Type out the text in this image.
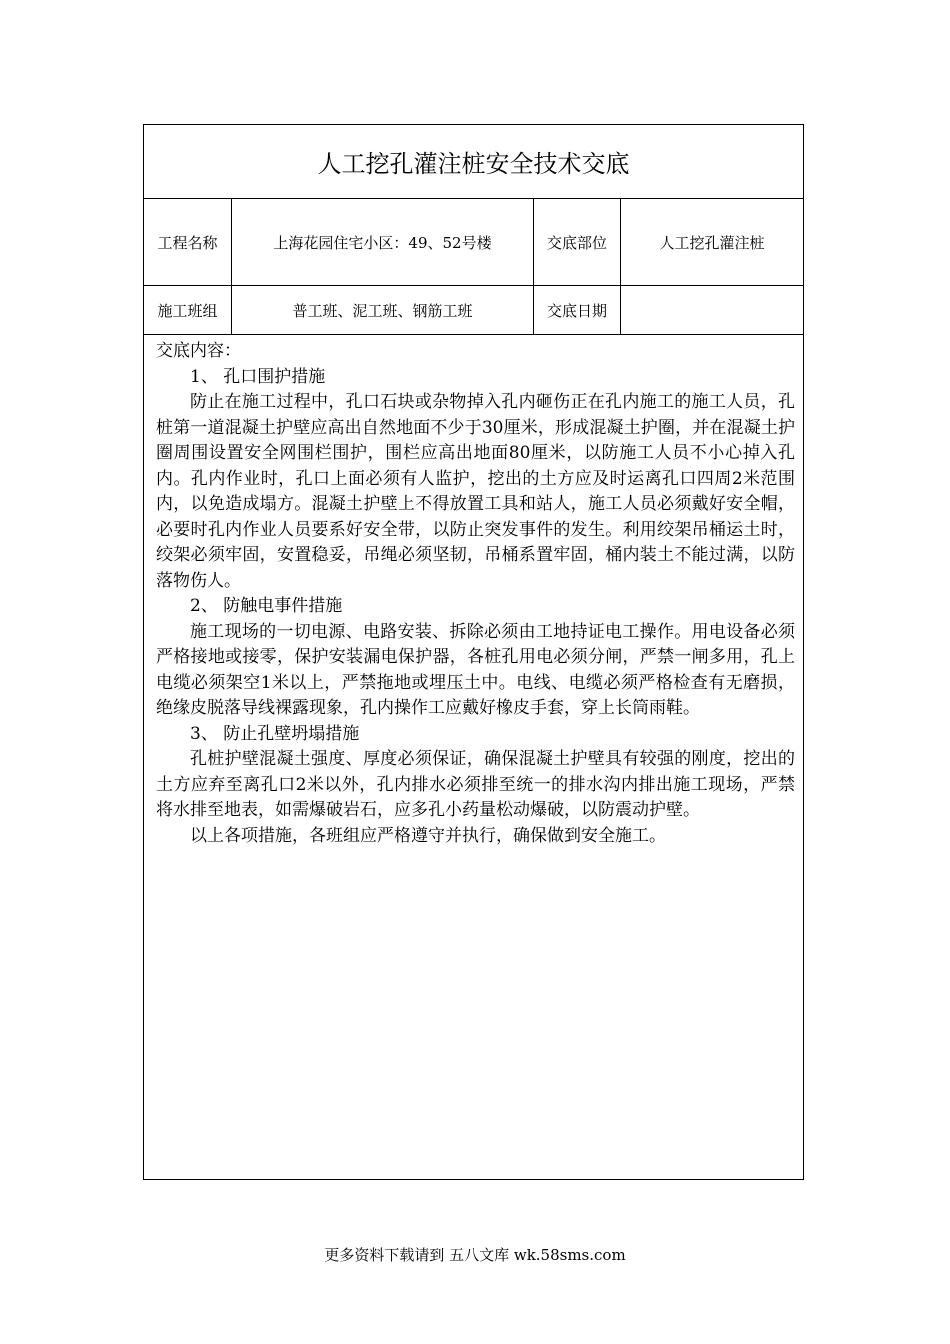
人工挖孔灌注桩安全技术交底
工程名称	上海花园住宅小区：49、52号楼	交底部位	人工挖孔灌注桩
施工班组	普工班、泥工班、钢筋工班	交底日期

交底内容：

1、 孔口围护措施

防止在施工过程中，孔口石块或杂物掉入孔内砸伤正在孔内施工的施工人员，孔桩第一道混凝土护壁应高出自然地面不少于30厘米，形成混凝土护圈，并在混凝土护圈周围设置安全网围栏围护，围栏应高出地面80厘米，以防施工人员不小心掉入孔内。孔内作业时，孔口上面必须有人监护，挖出的土方应及时运离孔口四周2米范围内，以免造成塌方。混凝土护壁上不得放置工具和站人，施工人员必须戴好安全帽，必要时孔内作业人员要系好安全带，以防止突发事件的发生。利用绞架吊桶运土时，绞架必须牢固，安置稳妥，吊绳必须坚韧，吊桶系置牢固，桶内装土不能过满，以防落物伤人。

2、 防触电事件措施

施工现场的一切电源、电路安装、拆除必须由工地持证电工操作。用电设备必须严格接地或接零，保护安装漏电保护器，各桩孔用电必须分闸，严禁一闸多用，孔上电缆必须架空1米以上，严禁拖地或埋压土中。电线、电缆必须严格检查有无磨损，绝缘皮脱落导线裸露现象，孔内操作工应戴好橡皮手套，穿上长筒雨鞋。

3、 防止孔壁坍塌措施

孔桩护壁混凝土强度、厚度必须保证，确保混凝土护壁具有较强的刚度，挖出的土方应弃至离孔口2米以外，孔内排水必须排至统一的排水沟内排出施工现场，严禁将水排至地表，如需爆破岩石，应多孔小药量松动爆破，以防震动护壁。

以上各项措施，各班组应严格遵守并执行，确保做到安全施工。

更多资料下载请到 五八文库 wk.58sms.com
